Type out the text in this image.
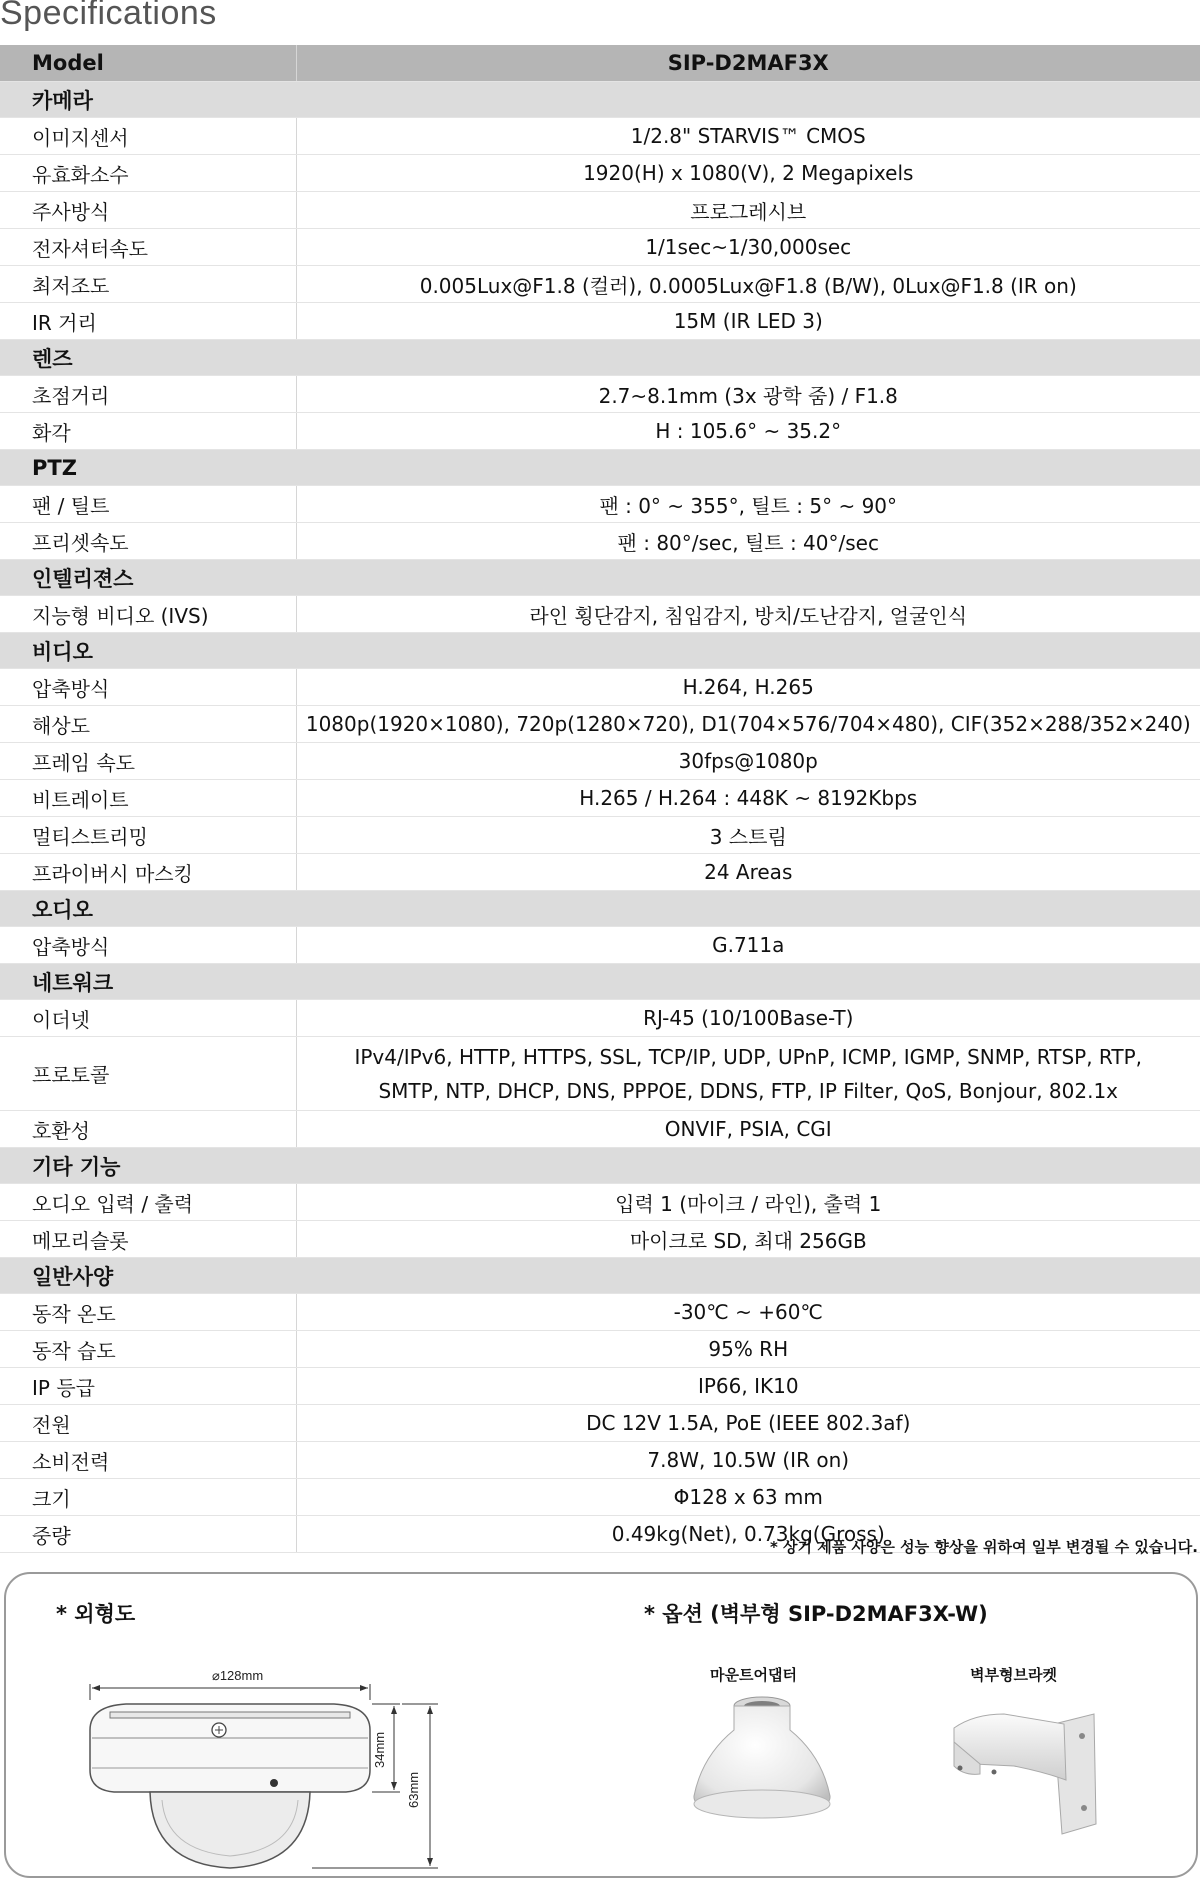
Specifications
Model	SIP-D2MAF3X
카메라	
이미지센서	1/2.8" STARVIS™ CMOS
유효화소수	1920(H) x 1080(V), 2 Megapixels
주사방식	프로그레시브
전자셔터속도	1/1sec~1/30,000sec
최저조도	0.005Lux@F1.8 (컬러), 0.0005Lux@F1.8 (B/W), 0Lux@F1.8 (IR on)
IR 거리	15M (IR LED 3)
렌즈	
초점거리	2.7~8.1mm (3x 광학 줌) / F1.8
화각	H : 105.6° ~ 35.2°
PTZ	
팬 / 틸트	팬 : 0° ~ 355°, 틸트 : 5° ~ 90°
프리셋속도	팬 : 80°/sec, 틸트 : 40°/sec
인텔리젼스	
지능형 비디오 (IVS)	라인 횡단감지, 침입감지, 방치/도난감지, 얼굴인식
비디오	
압축방식	H.264, H.265
해상도	1080p(1920×1080), 720p(1280×720), D1(704×576/704×480), CIF(352×288/352×240)
프레임 속도	30fps@1080p
비트레이트	H.265 / H.264 : 448K ~ 8192Kbps
멀티스트리밍	3 스트림
프라이버시 마스킹	24 Areas
오디오	
압축방식	G.711a
네트워크	
이더넷	RJ-45 (10/100Base-T)
프로토콜	IPv4/IPv6, HTTP, HTTPS, SSL, TCP/IP, UDP, UPnP, ICMP, IGMP, SNMP, RTSP, RTP,
SMTP, NTP, DHCP, DNS, PPPOE, DDNS, FTP, IP Filter, QoS, Bonjour, 802.1x

호환성	ONVIF, PSIA, CGI
기타 기능	
오디오 입력 / 출력	입력 1 (마이크 / 라인), 출력 1
메모리슬롯	마이크로 SD, 최대 256GB
일반사양	
동작 온도	-30℃ ~ +60℃
동작 습도	95% RH
IP 등급	IP66, IK10
전원	DC 12V 1.5A, PoE (IEEE 802.3af)
소비전력	7.8W, 10.5W (IR on)
크기	Φ128 x 63 mm
중량	0.49kg(Net), 0.73kg(Gross)
* 상기 제품 사양은 성능 향상을 위하여 일부 변경될 수 있습니다.
* 외형도	* 옵션 (벽부형 SIP-D2MAF3X-W)
마운트어댑터	벽부형브라켓
⌀128mm
34mm
63mm
